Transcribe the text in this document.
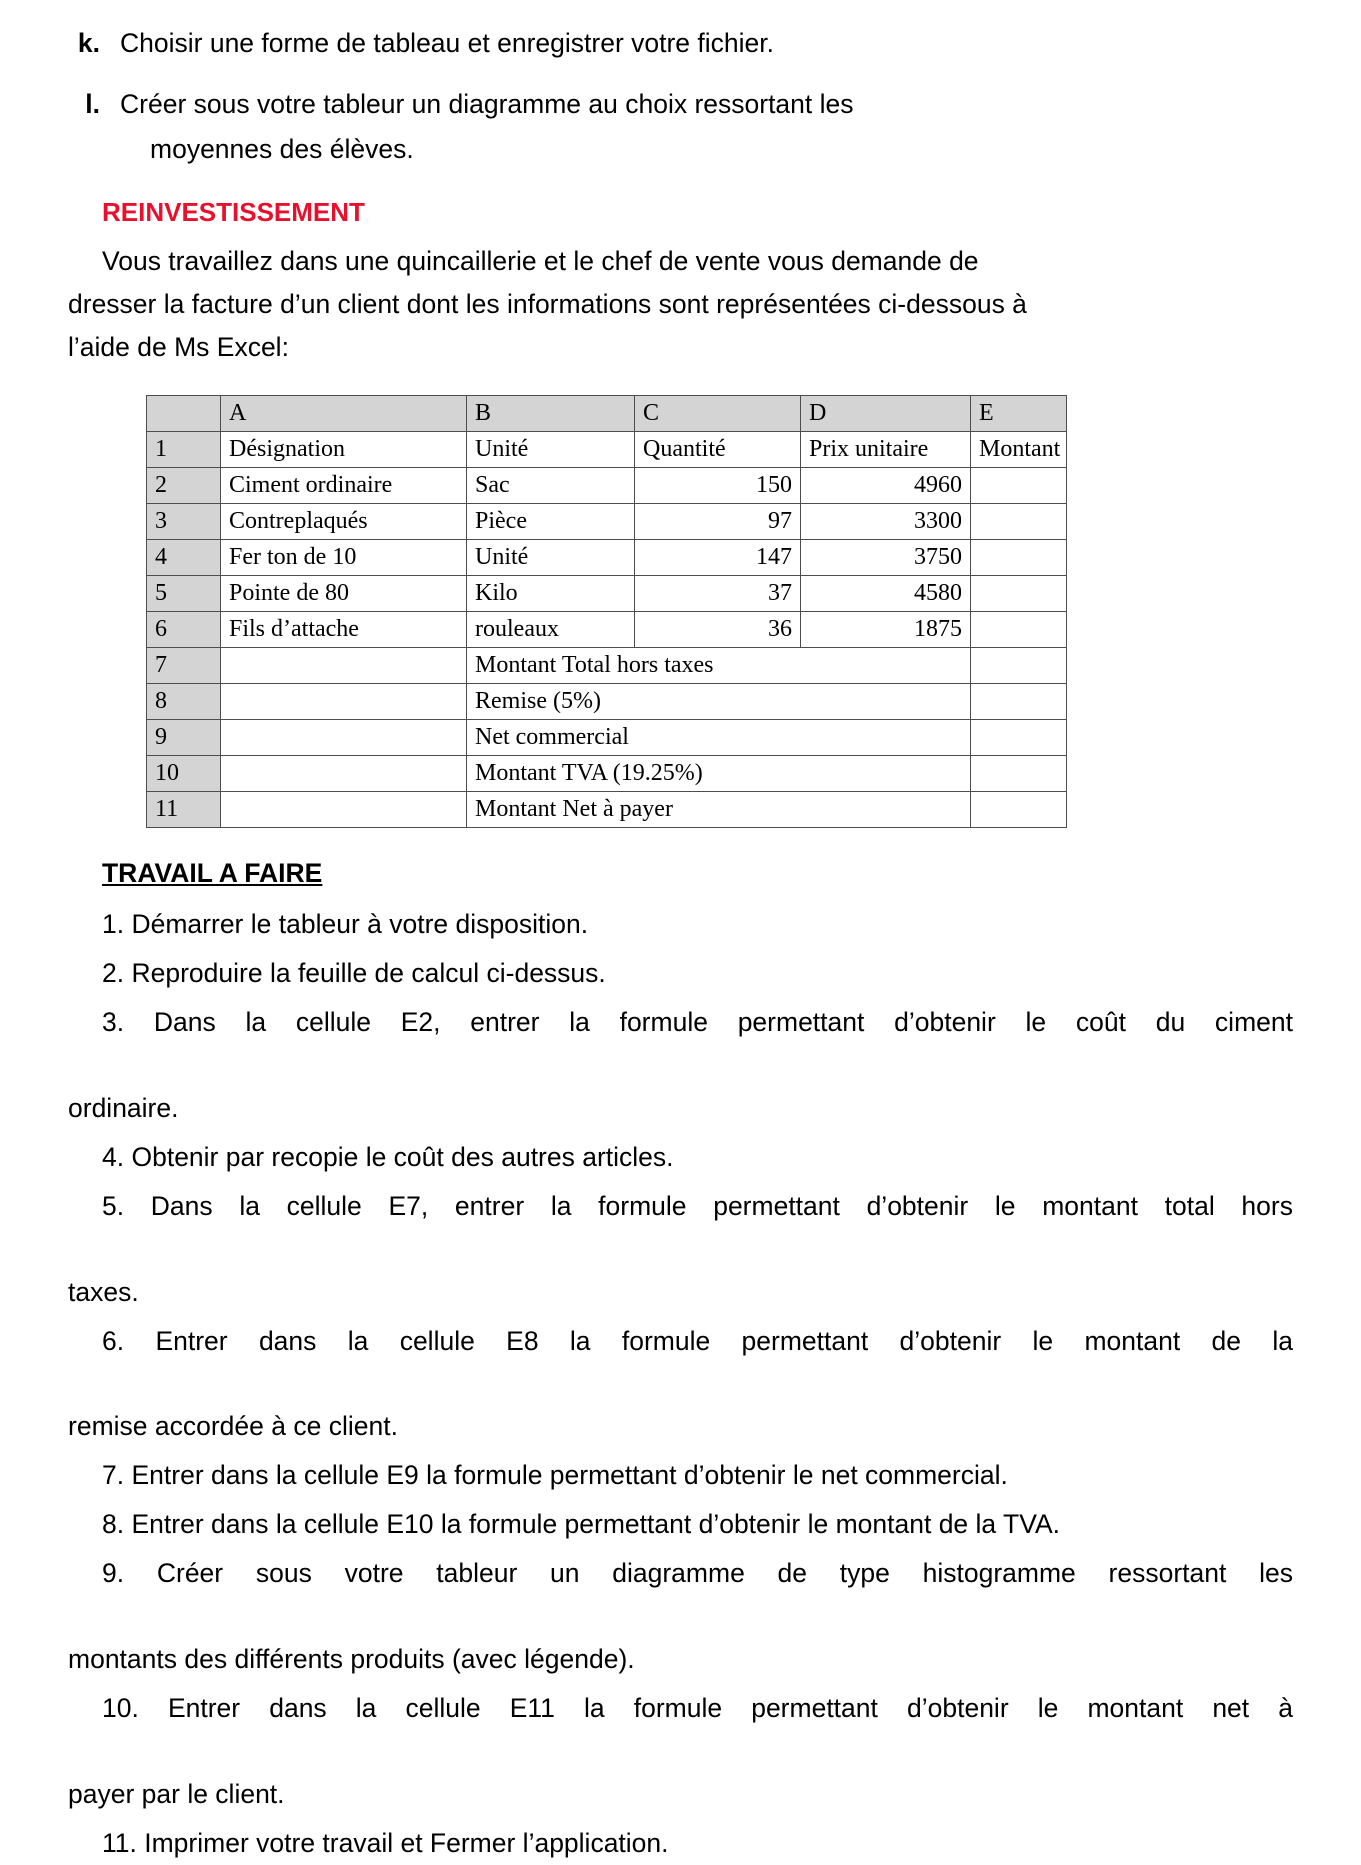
k. Choisir une forme de tableau et enregistrer votre fichier.
l. Créer sous votre tableur un diagramme au choix ressortant les

moyennes des élèves.

REINVESTISSEMENT

Vous travaillez dans une quincaillerie et le chef de vente vous demande de

dresser la facture d’un client dont les informations sont représentées ci-dessous à

l’aide de Ms Excel:

	A	B	C	D	E
1	Désignation	Unité	Quantité	Prix unitaire	Montant
2	Ciment ordinaire	Sac	150	4960	
3	Contreplaqués	Pièce	97	3300	
4	Fer ton de 10	Unité	147	3750	
5	Pointe de 80	Kilo	37	4580	
6	Fils d’attache	rouleaux	36	1875	
7		Montant Total hors taxes			
8		Remise (5%)			
9		Net commercial			
10		Montant TVA (19.25%)			
11		Montant Net à payer			
TRAVAIL A FAIRE
1. Démarrer le tableur à votre disposition.
2. Reproduire la feuille de calcul ci-dessus.
3. Dans la cellule E2, entrer la formule permettant d’obtenir le coût du ciment
ordinaire.
4. Obtenir par recopie le coût des autres articles.
5. Dans la cellule E7, entrer la formule permettant d’obtenir le montant total hors
taxes.
6. Entrer dans la cellule E8 la formule permettant d’obtenir le montant de la
remise accordée à ce client.
7. Entrer dans la cellule E9 la formule permettant d’obtenir le net commercial.
8. Entrer dans la cellule E10 la formule permettant d’obtenir le montant de la TVA.
9. Créer sous votre tableur un diagramme de type histogramme ressortant les
montants des différents produits (avec légende).
10. Entrer dans la cellule E11 la formule permettant d’obtenir le montant net à
payer par le client.
11. Imprimer votre travail et Fermer l’application.
